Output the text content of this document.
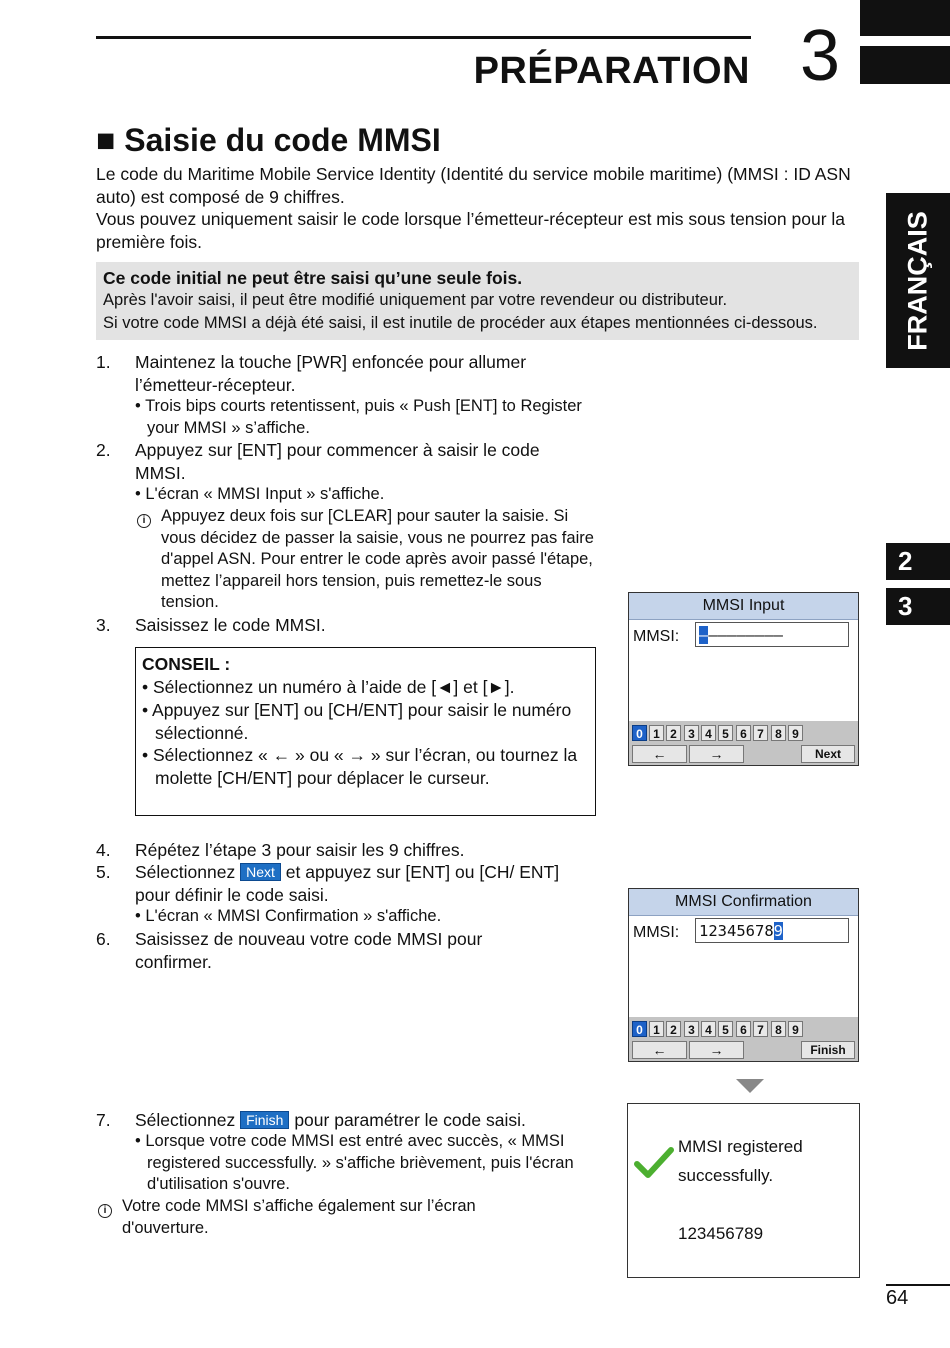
PRÉPARATION 3
FRANÇAIS
2
3
■ Saisie du code MMSI
Le code du Maritime Mobile Service Identity (Identité du service mobile maritime) (MMSI : ID ASN auto) est composé de 9 chiffres.
Vous pouvez uniquement saisir le code lorsque l’émetteur-récepteur est mis sous tension pour la première fois.
Ce code initial ne peut être saisi qu’une seule fois.
Après l'avoir saisi, il peut être modifié uniquement par votre revendeur ou distributeur.
Si votre code MMSI a déjà été saisi, il est inutile de procéder aux étapes mentionnées ci-dessous.
1. Maintenez la touche [PWR] enfoncée pour allumer l’émetteur-récepteur.
• Trois bips courts retentissent, puis « Push [ENT] to Register your MMSI » s’affiche.
2. Appuyez sur [ENT] pour commencer à saisir le code MMSI.
• L'écran « MMSI Input » s'affiche.
i Appuyez deux fois sur [CLEAR] pour sauter la saisie. Si vous décidez de passer la saisie, vous ne pourrez pas faire d'appel ASN. Pour entrer le code après avoir passé l'étape, mettez l’appareil hors tension, puis remettez-le sous tension.
3. Saisissez le code MMSI.
CONSEIL :
• Sélectionnez un numéro à l’aide de [◄] et [►].
• Appuyez sur [ENT] ou [CH/ENT] pour saisir le numéro sélectionné.
• Sélectionnez « ← » ou « → » sur l’écran, ou tournez la molette [CH/ENT] pour déplacer le curseur.
4. Répétez l’étape 3 pour saisir les 9 chiffres.
5. Sélectionnez Next et appuyez sur [ENT] ou [CH/ ENT] pour définir le code saisi.
• L'écran « MMSI Confirmation » s'affiche.
6. Saisissez de nouveau votre code MMSI pour confirmer.
7. Sélectionnez Finish pour paramétrer le code saisi.
• Lorsque votre code MMSI est entré avec succès, « MMSI registered successfully. » s'affiche brièvement, puis l'écran d'utilisation s'ouvre.
i Votre code MMSI s’affiche également sur l’écran d'ouverture.
MMSI Input
MMSI: –––––––––
0 1 2 3 4 5 6 7 8 9
←	→	Next
MMSI Confirmation
MMSI: 123456789
0 1 2 3 4 5 6 7 8 9
←	→	Finish
MMSI registered
successfully.
123456789
64
